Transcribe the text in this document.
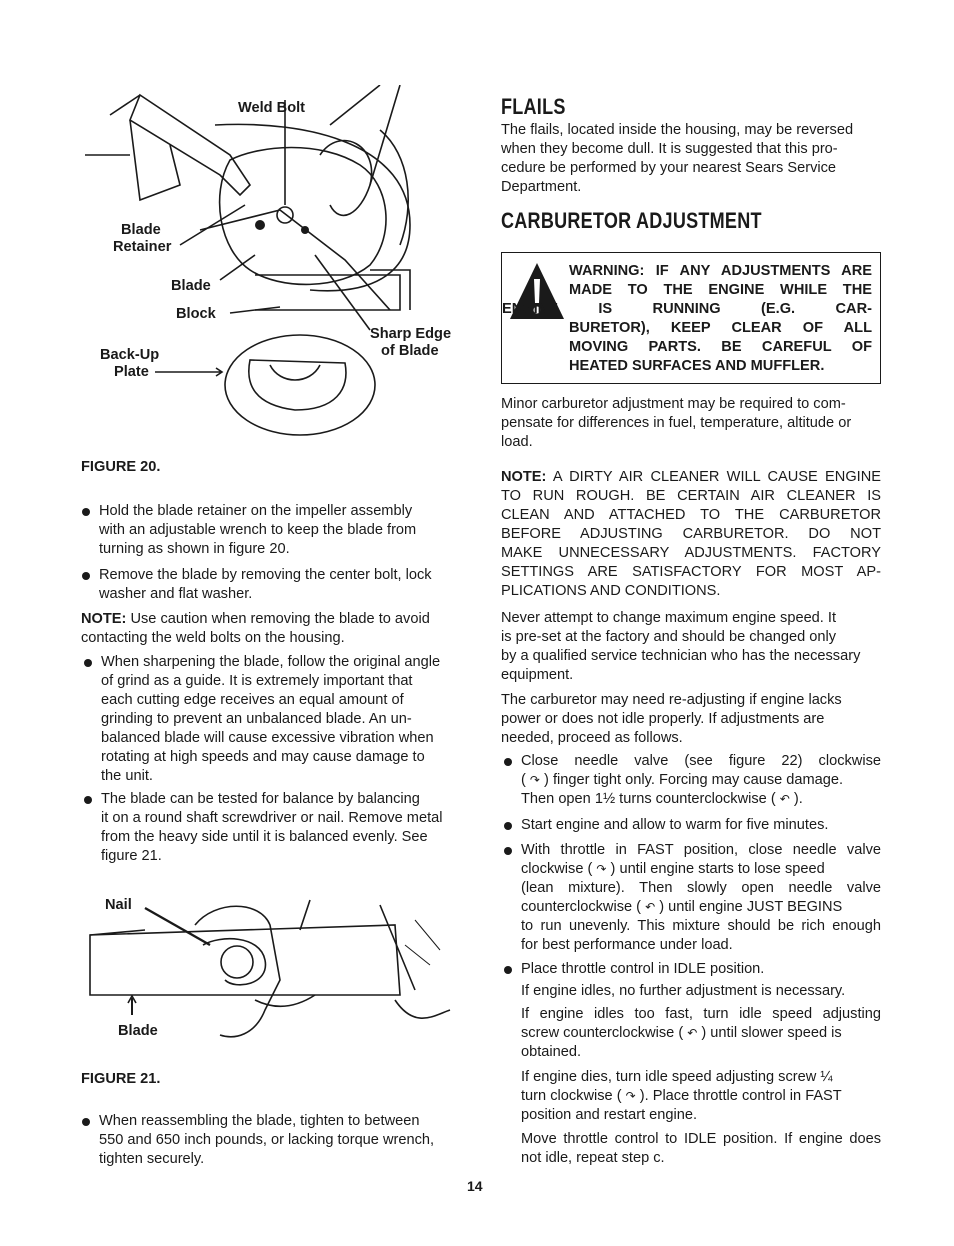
Weld Bolt
Blade
Retainer
Blade
Block
Sharp Edge
of Blade
Back-Up
Plate
FIGURE 20.

Hold the blade retainer on the impeller assembly

with an adjustable wrench to keep the blade from

turning as shown in figure 20.

Remove the blade by removing the center bolt, lock

washer and flat washer.

NOTE: Use caution when removing the blade to avoid

contacting the weld bolts on the housing.

When sharpening the blade, follow the original angle

of grind as a guide. It is extremely important that

each cutting edge receives an equal amount of

grinding to prevent an unbalanced blade. An un-

balanced blade will cause excessive vibration when

rotating at high speeds and may cause damage to

the unit.

The blade can be tested for balance by balancing

it on a round shaft screwdriver or nail. Remove metal

from the heavy side until it is balanced evenly. See

figure 21.

Nail
Blade
FIGURE 21.

When reassembling the blade, tighten to between

550 and 650 inch pounds, or lacking torque wrench,

tighten securely.

FLAILS

The flails, located inside the housing, may be reversed

when they become dull. It is suggested that this pro-

cedure be performed by your nearest Sears Service

Department.

CARBURETOR ADJUSTMENT
WARNING: IF ANY ADJUSTMENTS ARE
MADE TO THE ENGINE WHILE THE
ENGINE IS RUNNING (E.G. CAR-
BURETOR), KEEP CLEAR OF ALL
MOVING PARTS. BE CAREFUL OF
HEATED SURFACES AND MUFFLER.

Minor carburetor adjustment may be required to com-

pensate for differences in fuel, temperature, altitude or

load.

NOTE: A DIRTY AIR CLEANER WILL CAUSE ENGINE

TO RUN ROUGH. BE CERTAIN AIR CLEANER IS

CLEAN AND ATTACHED TO THE CARBURETOR

BEFORE ADJUSTING CARBURETOR. DO NOT

MAKE UNNECESSARY ADJUSTMENTS. FACTORY

SETTINGS ARE SATISFACTORY FOR MOST AP-

PLICATIONS AND CONDITIONS.

Never attempt to change maximum engine speed. It

is pre-set at the factory and should be changed only

by a qualified service technician who has the necessary

equipment.

The carburetor may need re-adjusting if engine lacks

power or does not idle properly. If adjustments are

needed, proceed as follows.

Close needle valve (see figure 22) clockwise

( ↷ ) finger tight only. Forcing may cause damage.

Then open 1½ turns counterclockwise ( ↶ ).

Start engine and allow to warm for five minutes.

With throttle in FAST position, close needle valve

clockwise ( ↷ ) until engine starts to lose speed

(lean mixture). Then slowly open needle valve

counterclockwise ( ↶ ) until engine JUST BEGINS

to run unevenly. This mixture should be rich enough

for best performance under load.

Place throttle control in IDLE position.

If engine idles, no further adjustment is necessary.

If engine idles too fast, turn idle speed adjusting

screw counterclockwise ( ↶ ) until slower speed is

obtained.

If engine dies, turn idle speed adjusting screw ¼

turn clockwise ( ↷ ). Place throttle control in FAST

position and restart engine.

Move throttle control to IDLE position. If engine does

not idle, repeat step c.

14
